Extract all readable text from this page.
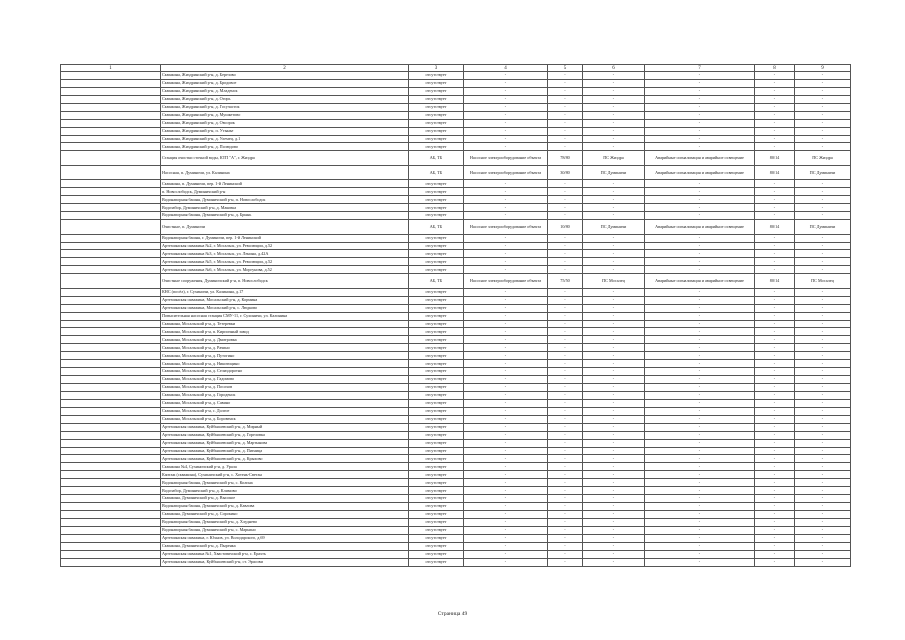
1	2	3	4	5	6	7	8	9
	Скважина, Жиздринский р-н, д. Березово	отсутствует	-	-	-	-	-	-
	Скважина, Жиздринский р-н, д. Бродовое	отсутствует	-	-	-	-	-	-
	Скважина, Жиздринский р-н, д. Младенск	отсутствует	-	-	-	-	-	-
	Скважина, Жиздринский р-н, д. Огорь	отсутствует	-	-	-	-	-	-
	Скважина, Жиздринский р-н, д. Госучасток	отсутствует	-	-	-	-	-	-
	Скважина, Жиздринский р-н, д. Мушкетово	отсутствует	-	-	-	-	-	-
	Скважина, Жиздринский р-н, д. Овсорок	отсутствует	-	-	-	-	-	-
	Скважина, Жиздринский р-н, п. Утынье	отсутствует	-	-	-	-	-	-
	Скважина, Жиздринский р-н, д. Улемец, д.1	отсутствует	-	-	-	-	-	-
	Скважина, Жиздринский р-н, д. Полюдово	отсутствует	-	-	-	-	-	-
	Станция очистки сточной воды, КТП "А", г. Жиздра	АБ, ТБ	Насосное электрооборудование объекта	78/80	ПС Жиздра	Аварийные сигнализация и аварийное освещение	80/14	ПС Жиздра
	Насосная, п. Думиничи, ул. Калинина	АБ, ТБ	Насосное электрооборудование объекта	30/80	ПС Думиничи	Аварийные сигнализация и аварийное освещение	80/14	ПС Думиничи
	Скважина, п. Думиничи, пер. 1-й Ленинский	отсутствует	-	-	-	-	-	-
	п. Новослободск, Думиничский р-н	отсутствует	-	-	-	-	-	-
	Водонапорная башня, Думиничский р-н, п. Новослободск	отсутствует	-	-	-	-	-	-
	Водозабор, Думиничский р-н, д. Маковка	отсутствует	-	-	-	-	-	-
	Водонапорная башня, Думиничский р-н, д. Брынь	отсутствует	-	-	-	-	-	-
	Очистные, п. Думиничи	АБ, ТБ	Насосное электрооборудование объекта	10/80	ПС Думиничи	Аварийные сигнализация и аварийное освещение	80/14	ПС Думиничи
	Водонапорная башня, г. Думиничи, пер. 1-й Ленинский	отсутствует	-	-	-	-	-	-
	Артезианская скважина №2, г. Мосальск, ул. Революции, д.52	отсутствует	-	-	-	-	-	-
	Артезианская скважина №3, г. Мосальск, ул. Ленина, д.42А	отсутствует	-	-	-	-	-	-
	Артезианская скважина №5, г. Мосальск, ул. Революции, д.52	отсутствует	-	-	-	-	-	-
	Артезианская скважина №6, г. Мосальск, ул. Моргунова, д.52	отсутствует	-	-	-	-	-	-
	Очистные сооружения, Думиничский р-н, п. Новослободск	АБ, ТБ	Насосное электрооборудование объекта	75/50	ПС Мосалец	Аварийные сигнализация и аварийное освещение	80/14	ПС Мосалец
	КНС (посёл), г. Сухиничи, ул. Калинина, д.17	отсутствует	-	-	-	-	-	-
	Артезианская скважина, Мосальский р-н, д. Кормина	отсутствует	-	-	-	-	-	-
	Артезианская скважина, Мосальский р-н, с. Людково	отсутствует	-	-	-	-	-	-
	Повысительная насосная станция СМУ-11, г. Сухиничи, ул. Калинина	отсутствует	-	-	-	-	-	-
	Скважина, Мосальский р-н, д. Тетеревки	отсутствует	-	-	-	-	-	-
	Скважина, Мосальский р-н, п. Кирпичный завод	отсутствует	-	-	-	-	-	-
	Скважина, Мосальский р-н, д. Дмитровка	отсутствует	-	-	-	-	-	-
	Скважина, Мосальский р-н, д. Рачино	отсутствует	-	-	-	-	-	-
	Скважина, Мосальский р-н, д. Путогино	отсутствует	-	-	-	-	-	-
	Скважина, Мосальский р-н, д. Никитицино	отсутствует	-	-	-	-	-	-
	Скважина, Мосальский р-н, д. Селиздоротно	отсутствует	-	-	-	-	-	-
	Скважина, Мосальский р-н, д. Гадомово	отсутствует	-	-	-	-	-	-
	Скважина, Мосальский р-н, д. Посохов	отсутствует	-	-	-	-	-	-
	Скважина, Мосальский р-н, д. Городенск	отсутствует	-	-	-	-	-	-
	Скважина, Мосальский р-н, д. Савино	отсутствует	-	-	-	-	-	-
	Скважина, Мосальский р-н, с. Долгое	отсутствует	-	-	-	-	-	-
	Скважина, Мосальский р-н, д. Боровенск	отсутствует	-	-	-	-	-	-
	Артезианская скважина, Куйбышевский р-н, д. Мирный	отсутствует	-	-	-	-	-	-
	Артезианская скважина, Куйбышевский р-н, д. Гореловка	отсутствует	-	-	-	-	-	-
	Артезианская скважина, Куйбышевский р-н, д. Мартынова	отсутствует	-	-	-	-	-	-
	Артезианская скважина, Куйбышевский р-н, д. Пятница	отсутствует	-	-	-	-	-	-
	Артезианская скважина, Куйбышевский р-н, д. Крыхово	отсутствует	-	-	-	-	-	-
	Скважина №4, Сухиничский р-н, д. Урала	отсутствует	-	-	-	-	-	-
	Каптаж (скважина), Сухиничский р-н, с. Хотень-Светан	отсутствует	-	-	-	-	-	-
	Водонапорная башня, Думиничский р-н, с. Колпна	отсутствует	-	-	-	-	-	-
	Водозабор, Думиничский р-н, д. Климово	отсутствует	-	-	-	-	-	-
	Скважина, Думиничский р-н, д. Высокое	отсутствует	-	-	-	-	-	-
	Водонапорная башня, Думиничский р-н, д. Кавлова	отсутствует	-	-	-	-	-	-
	Скважина, Думиничский р-н, д. Сорокино	отсутствует	-	-	-	-	-	-
	Водонапорная башня, Думиничский р-н, д. Хлуднево	отсутствует	-	-	-	-	-	-
	Водонапорная башня, Думиничский р-н, с. Марьино	отсутствует	-	-	-	-	-	-
	Артезианская скважина, г. Юхнов, ул. Володарского, д.69	отсутствует	-	-	-	-	-	-
	Скважина, Думиничский р-н, д. Пыренка	отсутствует	-	-	-	-	-	-
	Артезианская скважина №1, Хвастовичский р-н, с. Ерахть	отсутствует	-	-	-	-	-	-
	Артезианская скважина, Куйбышевский р-н, ст. Эрасови	отсутствует	-	-	-	-	-	-
Страница 49
